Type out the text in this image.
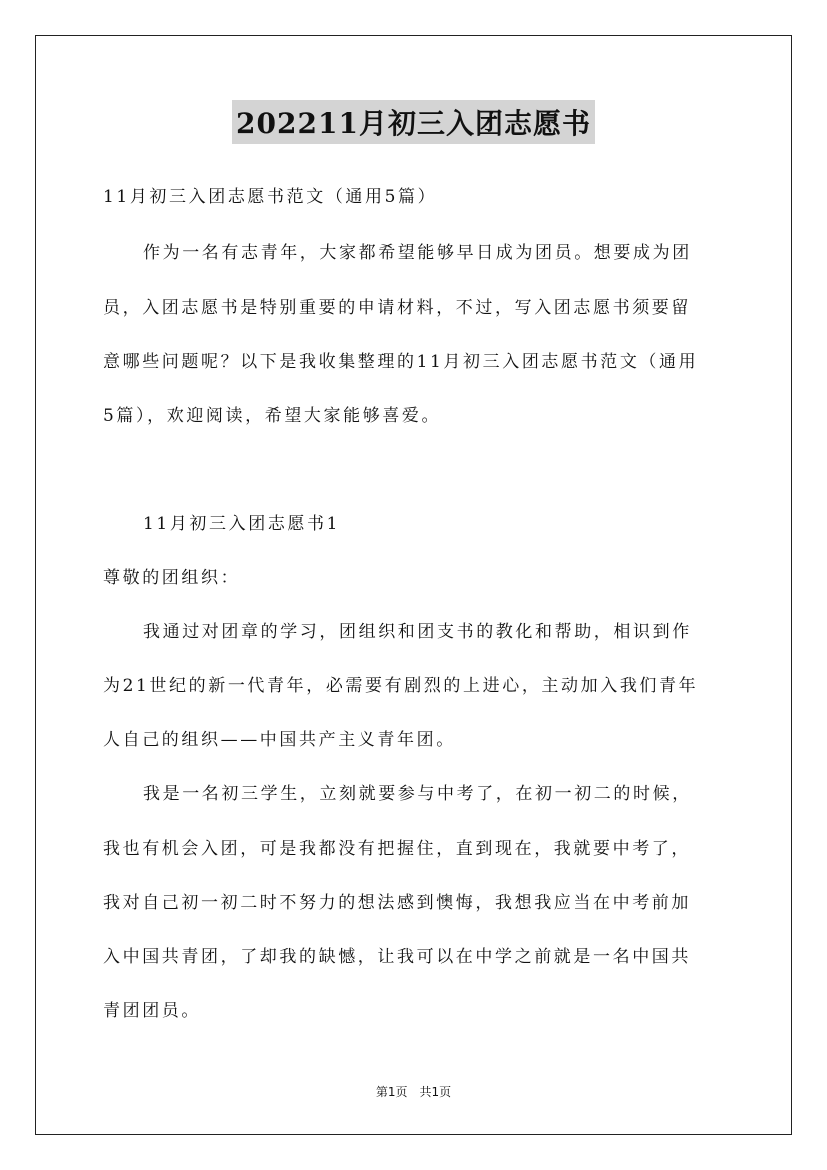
202211月初三入团志愿书
11月初三入团志愿书范文（通用5篇）
作为一名有志青年，大家都希望能够早日成为团员。想要成为团
员，入团志愿书是特别重要的申请材料，不过，写入团志愿书须要留
意哪些问题呢？以下是我收集整理的11月初三入团志愿书范文（通用
5篇），欢迎阅读，希望大家能够喜爱。
11月初三入团志愿书1
尊敬的团组织：
我通过对团章的学习，团组织和团支书的教化和帮助，相识到作
为21世纪的新一代青年，必需要有剧烈的上进心，主动加入我们青年
人自己的组织——中国共产主义青年团。
我是一名初三学生，立刻就要参与中考了，在初一初二的时候，
我也有机会入团，可是我都没有把握住，直到现在，我就要中考了，
我对自己初一初二时不努力的想法感到懊悔，我想我应当在中考前加
入中国共青团，了却我的缺憾，让我可以在中学之前就是一名中国共
青团团员。
第1页　共1页
